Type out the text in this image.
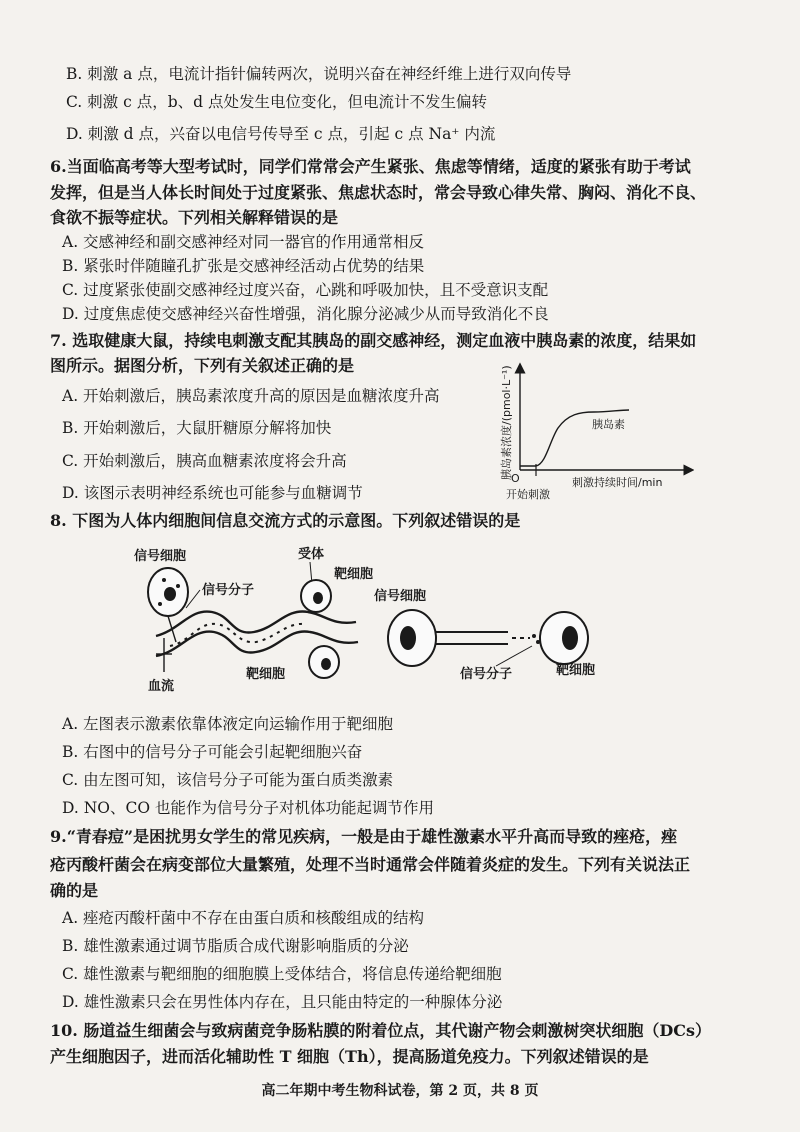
B. 刺激 a 点，电流计指针偏转两次，说明兴奋在神经纤维上进行双向传导
C. 刺激 c 点，b、d 点处发生电位变化，但电流计不发生偏转
D. 刺激 d 点，兴奋以电信号传导至 c 点，引起 c 点 Na⁺ 内流
6.当面临高考等大型考试时，同学们常常会产生紧张、焦虑等情绪，适度的紧张有助于考试
发挥，但是当人体长时间处于过度紧张、焦虑状态时，常会导致心律失常、胸闷、消化不良、
食欲不振等症状。下列相关解释错误的是
A. 交感神经和副交感神经对同一器官的作用通常相反
B. 紧张时伴随瞳孔扩张是交感神经活动占优势的结果
C. 过度紧张使副交感神经过度兴奋，心跳和呼吸加快，且不受意识支配
D. 过度焦虑使交感神经兴奋性增强，消化腺分泌减少从而导致消化不良
7. 选取健康大鼠，持续电刺激支配其胰岛的副交感神经，测定血液中胰岛素的浓度，结果如
图所示。据图分析，下列有关叙述正确的是
A. 开始刺激后，胰岛素浓度升高的原因是血糖浓度升高
B. 开始刺激后，大鼠肝糖原分解将加快
C. 开始刺激后，胰高血糖素浓度将会升高
D. 该图示表明神经系统也可能参与血糖调节
胰岛素浓度/(pmol·L⁻¹)
O
胰岛素
刺激持续时间/min
开始刺激
8. 下图为人体内细胞间信息交流方式的示意图。下列叙述错误的是
信号细胞
信号分子
受体
靶细胞
靶细胞
血流
信号细胞
信号分子	靶细胞
A. 左图表示激素依靠体液定向运输作用于靶细胞
B. 右图中的信号分子可能会引起靶细胞兴奋
C. 由左图可知，该信号分子可能为蛋白质类激素
D. NO、CO 也能作为信号分子对机体功能起调节作用
9.“青春痘”是困扰男女学生的常见疾病，一般是由于雄性激素水平升高而导致的痤疮，痤
疮丙酸杆菌会在病变部位大量繁殖，处理不当时通常会伴随着炎症的发生。下列有关说法正
确的是
A. 痤疮丙酸杆菌中不存在由蛋白质和核酸组成的结构
B. 雄性激素通过调节脂质合成代谢影响脂质的分泌
C. 雄性激素与靶细胞的细胞膜上受体结合，将信息传递给靶细胞
D. 雄性激素只会在男性体内存在，且只能由特定的一种腺体分泌
10. 肠道益生细菌会与致病菌竞争肠粘膜的附着位点，其代谢产物会刺激树突状细胞（DCs）
产生细胞因子，进而活化辅助性 T 细胞（Th），提高肠道免疫力。下列叙述错误的是
高二年期中考生物科试卷，第 2 页，共 8 页
